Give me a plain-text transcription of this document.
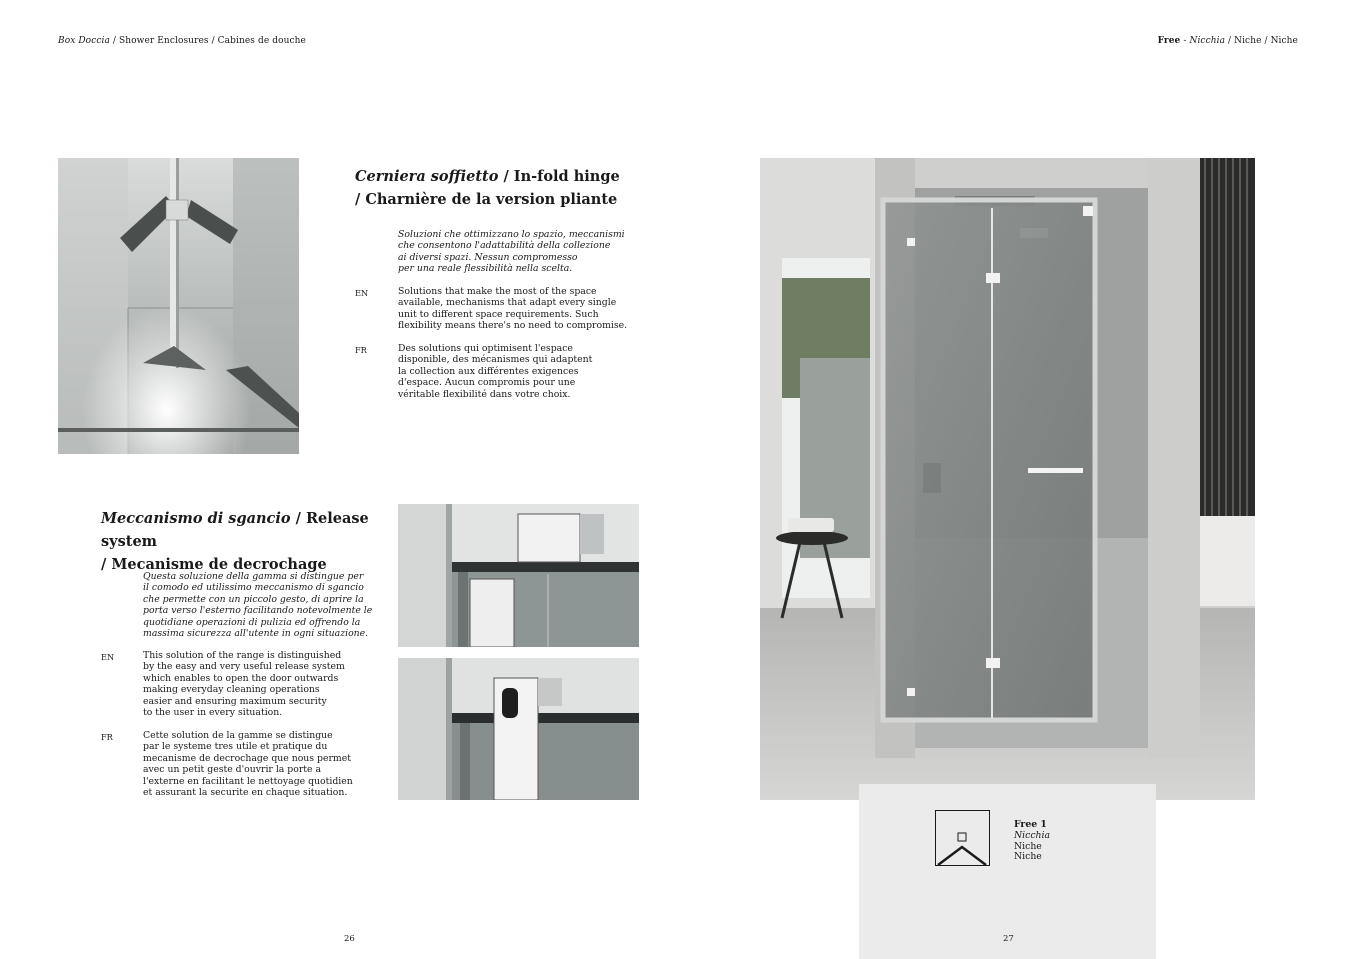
Box Doccia / Shower Enclosures / Cabines de douche	Free - Nicchia / Niche / Niche
Cerniera soffietto / In-fold hinge
/ Charnière de la version pliante
Soluzioni che ottimizzano lo spazio, meccanismi
che consentono l'adattabilità della collezione
ai diversi spazi. Nessun compromesso
per una reale flessibilità nella scelta.
EN	Solutions that make the most of the space
available, mechanisms that adapt every single
unit to different space requirements. Such
flexibility means there's no need to compromise.
FR	Des solutions qui optimisent l'espace
disponible, des mécanismes qui adaptent
la collection aux différentes exigences
d'espace. Aucun compromis pour une
véritable flexibilité dans votre choix.
Meccanismo di sgancio / Release system
/ Mecanisme de decrochage
Questa soluzione della gamma si distingue per
il comodo ed utilissimo meccanismo di sgancio
che permette con un piccolo gesto, di aprire la
porta verso l'esterno facilitando notevolmente le
quotidiane operazioni di pulizia ed offrendo la
massima sicurezza all'utente in ogni situazione.
EN	This solution of the range is distinguished
by the easy and very useful release system
which enables to open the door outwards
making everyday cleaning operations
easier and ensuring maximum security
to the user in every situation.
FR	Cette solution de la gamme se distingue
par le systeme tres utile et pratique du
mecanisme de decrochage que nous permet
avec un petit geste d'ouvrir la porte a
l'externe en facilitant le nettoyage quotidien
et assurant la securite en chaque situation.
Free 1
Nicchia
Niche
Niche
26	27
